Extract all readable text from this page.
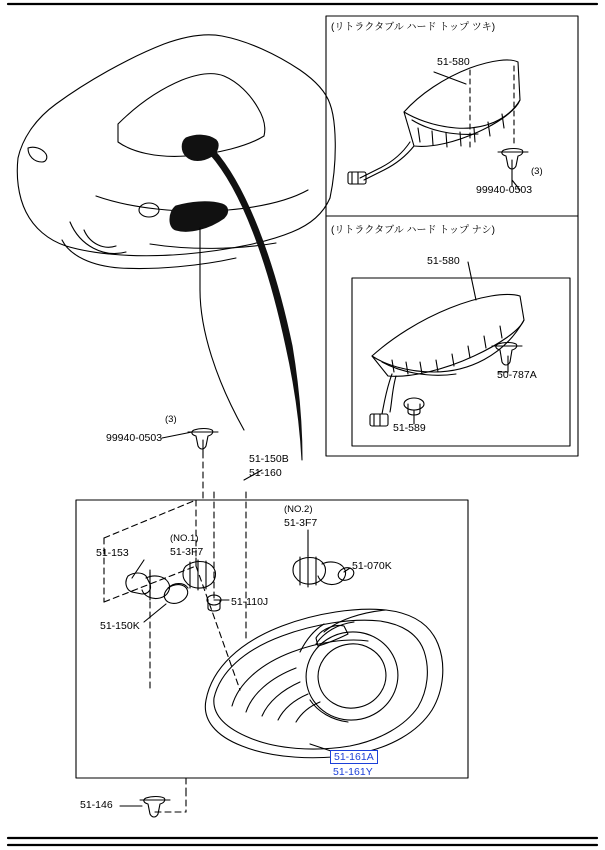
(リトラクタブル ハード トップ ツキ)
(リトラクタブル ハード トップ ナシ)
51-580
(3)
99940-0503
51-580
50-787A
51-589
(3)
99940-0503
51-150B
51-160
(NO.2)
51-3F7
(NO.1)
51-3F7
51-153
51-070K
51-110J
51-150K
51-161A
51-161Y
51-146
